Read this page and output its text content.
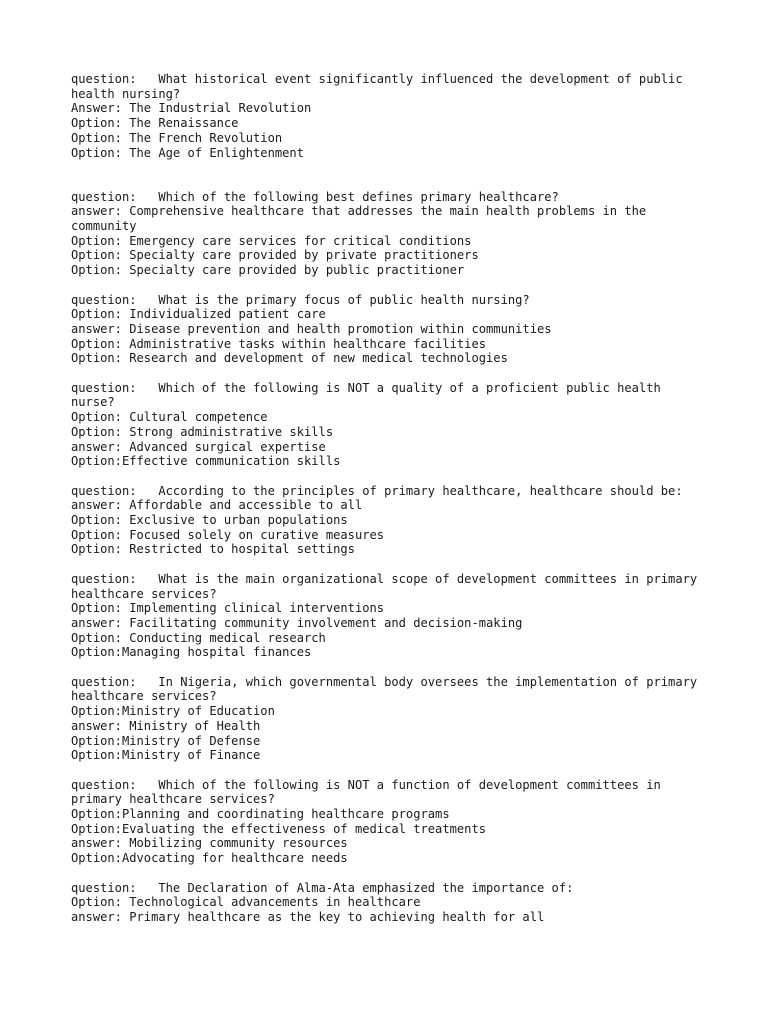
question:   What historical event significantly influenced the development of public health nursing?
Answer: The Industrial Revolution
Option: The Renaissance
Option: The French Revolution
Option: The Age of Enlightenment
question:   Which of the following best defines primary healthcare?
answer: Comprehensive healthcare that addresses the main health problems in the community
Option: Emergency care services for critical conditions
Option: Specialty care provided by private practitioners
Option: Specialty care provided by public practitioner
question:   What is the primary focus of public health nursing?
Option: Individualized patient care
answer: Disease prevention and health promotion within communities
Option: Administrative tasks within healthcare facilities
Option: Research and development of new medical technologies
question:   Which of the following is NOT a quality of a proficient public health nurse?
Option: Cultural competence
Option: Strong administrative skills
answer: Advanced surgical expertise
Option:Effective communication skills
question:   According to the principles of primary healthcare, healthcare should be:
answer: Affordable and accessible to all
Option: Exclusive to urban populations
Option: Focused solely on curative measures
Option: Restricted to hospital settings
question:   What is the main organizational scope of development committees in primary healthcare services?
Option: Implementing clinical interventions
answer: Facilitating community involvement and decision-making
Option: Conducting medical research
Option:Managing hospital finances
question:   In Nigeria, which governmental body oversees the implementation of primary healthcare services?
Option:Ministry of Education
answer: Ministry of Health
Option:Ministry of Defense
Option:Ministry of Finance
question:   Which of the following is NOT a function of development committees in primary healthcare services?
Option:Planning and coordinating healthcare programs
Option:Evaluating the effectiveness of medical treatments
answer: Mobilizing community resources
Option:Advocating for healthcare needs
question:   The Declaration of Alma-Ata emphasized the importance of:
Option: Technological advancements in healthcare
answer: Primary healthcare as the key to achieving health for all
